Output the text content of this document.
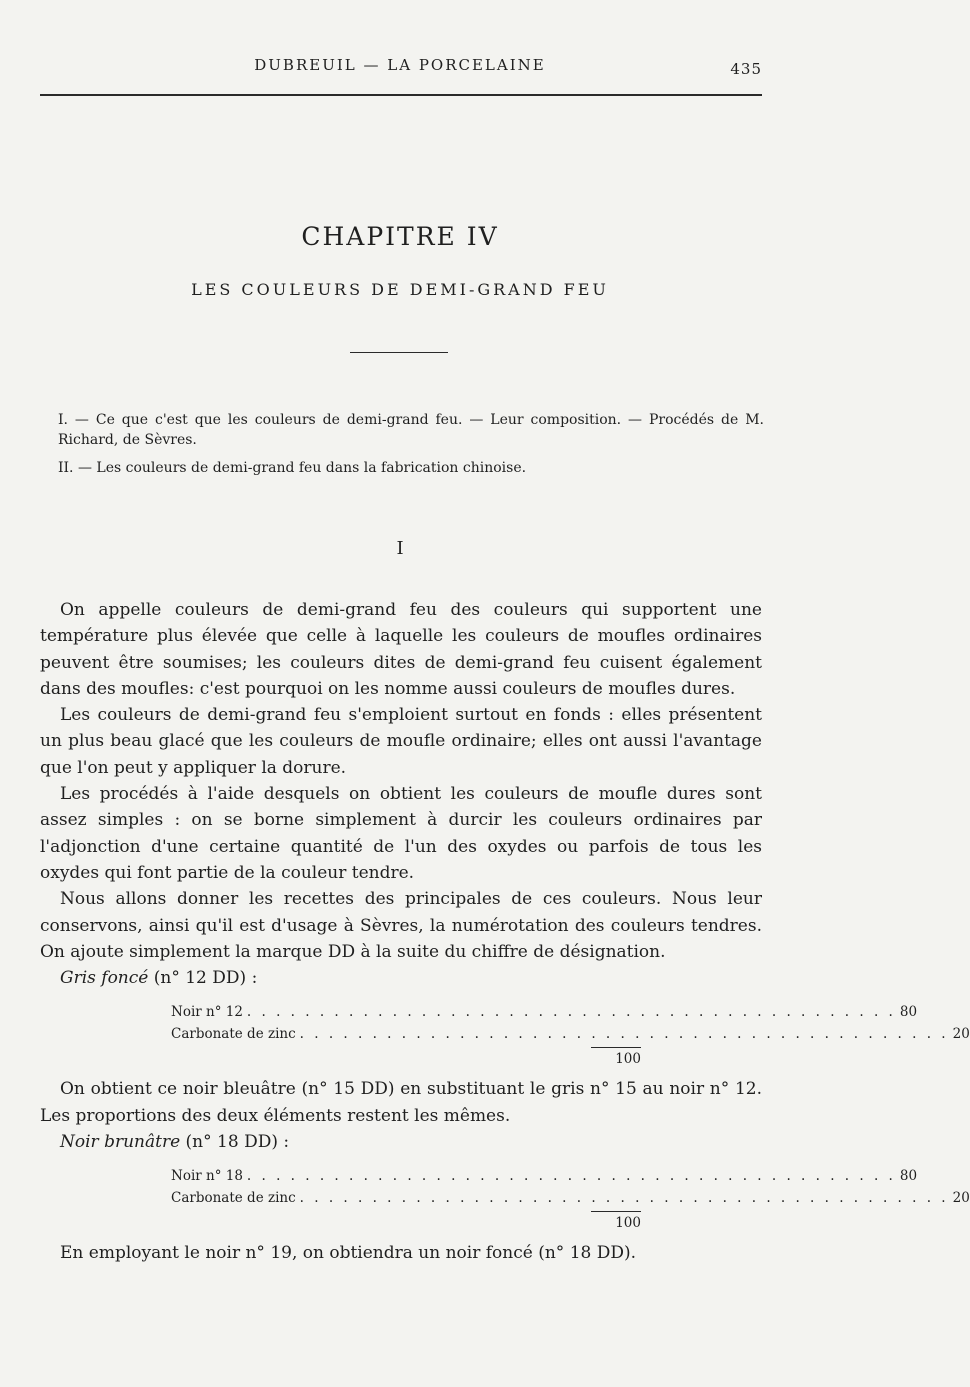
DUBREUIL — LA PORCELAINE	435
CHAPITRE IV
LES COULEURS DE DEMI-GRAND FEU

I. — Ce que c'est que les couleurs de demi-grand feu. — Leur composition. — Procédés de M. Richard, de Sèvres.

II. — Les couleurs de demi-grand feu dans la fabrication chinoise.

I

On appelle couleurs de demi-grand feu des couleurs qui supportent une température plus élevée que celle à laquelle les couleurs de moufles ordinaires peuvent être soumises; les couleurs dites de demi-grand feu cuisent également dans des moufles: c'est pourquoi on les nomme aussi couleurs de moufles dures.

Les couleurs de demi-grand feu s'emploient surtout en fonds : elles présentent un plus beau glacé que les couleurs de moufle ordinaire; elles ont aussi l'avantage que l'on peut y appliquer la dorure.

Les procédés à l'aide desquels on obtient les couleurs de moufle dures sont assez simples : on se borne simplement à durcir les couleurs ordinaires par l'adjonction d'une certaine quantité de l'un des oxydes ou parfois de tous les oxydes qui font partie de la couleur tendre.

Nous allons donner les recettes des principales de ces couleurs. Nous leur conservons, ainsi qu'il est d'usage à Sèvres, la numérotation des couleurs tendres. On ajoute simplement la marque DD à la suite du chiffre de désignation.

Gris foncé (n° 12 DD) :
Noir n° 12 . . . . . . . . . . . . . . . . . . . . . . . . . . . . . . . . . . . . . . . . . . . . . 80
Carbonate de zinc . . . . . . . . . . . . . . . . . . . . . . . . . . . . . . . . . . . . . . . . . . . . . 20
100

On obtient ce noir bleuâtre (n° 15 DD) en substituant le gris n° 15 au noir n° 12. Les proportions des deux éléments restent les mêmes.

Noir brunâtre (n° 18 DD) :
Noir n° 18 . . . . . . . . . . . . . . . . . . . . . . . . . . . . . . . . . . . . . . . . . . . . . 80
Carbonate de zinc . . . . . . . . . . . . . . . . . . . . . . . . . . . . . . . . . . . . . . . . . . . . . 20
100

En employant le noir n° 19, on obtiendra un noir foncé (n° 18 DD).
